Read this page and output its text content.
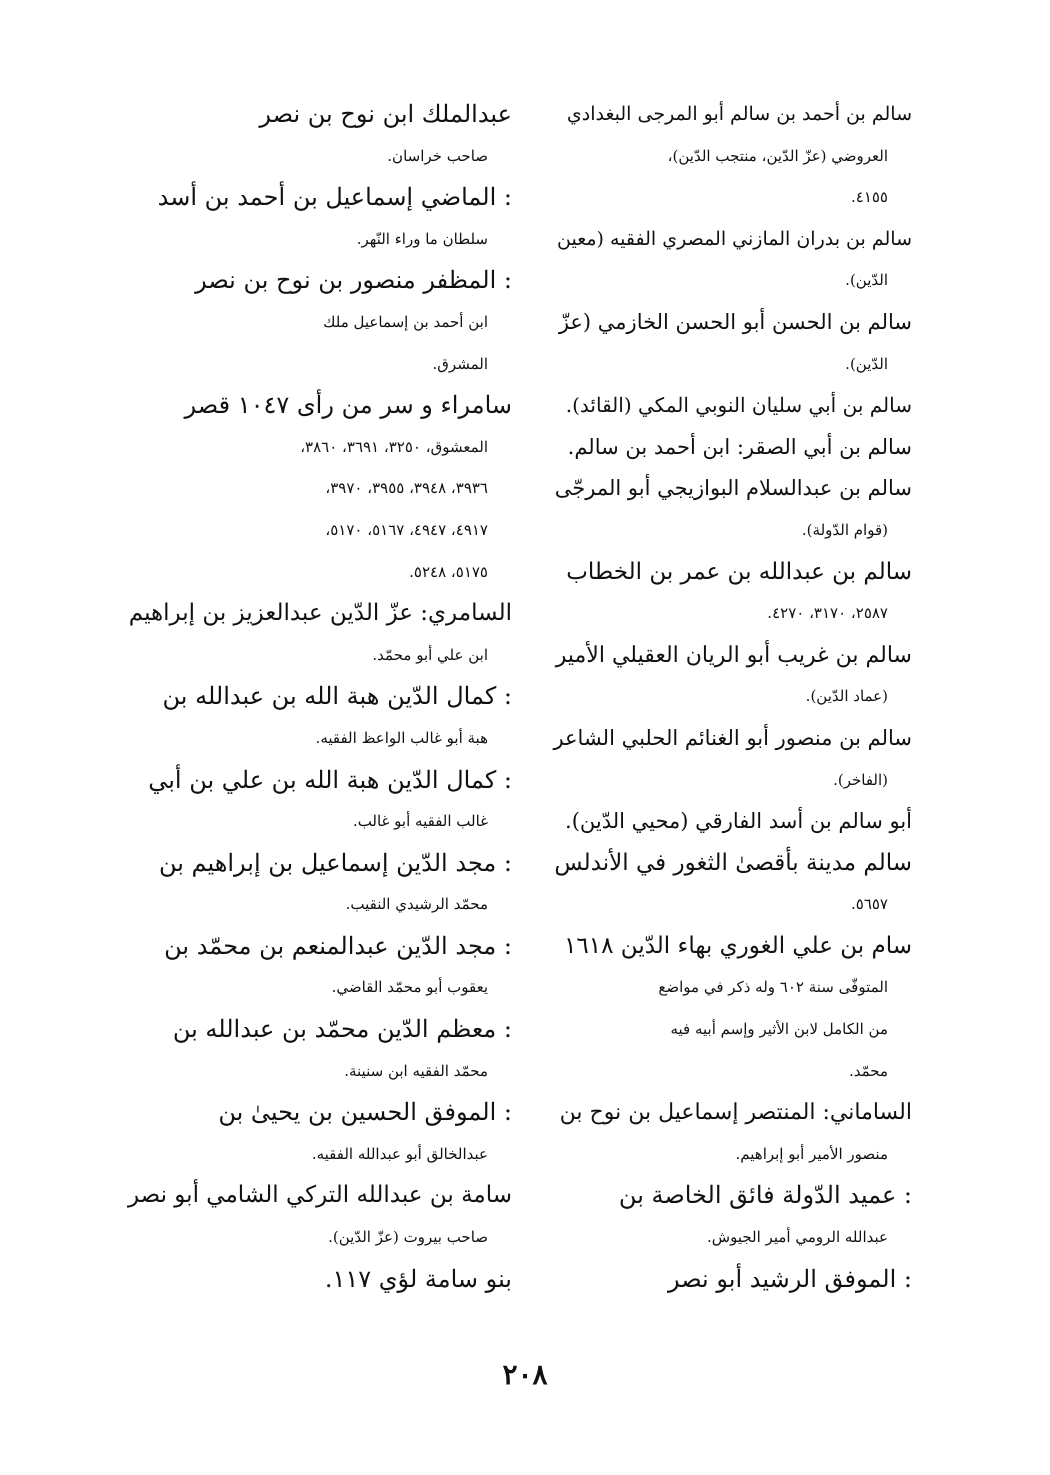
سالم بن أحمد بن سالم أبو المرجى البغدادي
العروضي (عزّ الدّين، منتجب الدّين)،
٤١٥٥.
سالم بن بدران المازني المصري الفقيه (معين
الدّين).
سالم بن الحسن أبو الحسن الخازمي (عزّ
الدّين).
سالم بن أبي سليان النوبي المكي (القائد).
سالم بن أبي الصقر: ابن أحمد بن سالم.
سالم بن عبدالسلام البوازيجي أبو المرجّى
(قوام الدّولة).
سالم بن عبدالله بن عمر بن الخطاب
٢٥٨٧، ٣١٧٠، ٤٢٧٠.
سالم بن غريب أبو الريان العقيلي الأمير
(عماد الدّين).
سالم بن منصور أبو الغنائم الحلبي الشاعر
(الفاخر).
أبو سالم بن أسد الفارقي (محيي الدّين).
سالم مدينة بأقصىٰ الثغور في الأندلس
٥٦٥٧.
سام بن علي الغوري بهاء الدّين ١٦١٨
المتوفّى سنة ٦٠٢ وله ذكر في مواضع
من الكامل لابن الأثير وإسم أبيه فيه
محمّد.
الساماني: المنتصر إسماعيل بن نوح بن
منصور الأمير أبو إبراهيم.
: عميد الدّولة فائق الخاصة بن
عبدالله الرومي أمير الجيوش.
: الموفق الرشيد أبو نصر
عبدالملك ابن نوح بن نصر
صاحب خراسان.
: الماضي إسماعيل بن أحمد بن أسد
سلطان ما وراء النّهر.
: المظفر منصور بن نوح بن نصر
ابن أحمد بن إسماعيل ملك
المشرق.
سامراء و سر من رأى ١٠٤٧ قصر
المعشوق، ٣٢٥٠، ٣٦٩١، ٣٨٦٠،
٣٩٣٦، ٣٩٤٨، ٣٩٥٥، ٣٩٧٠،
٤٩١٧، ٤٩٤٧، ٥١٦٧، ٥١٧٠،
٥١٧٥، ٥٢٤٨.
السامري: عزّ الدّين عبدالعزيز بن إبراهيم
ابن علي أبو محمّد.
: كمال الدّين هبة الله بن عبدالله بن
هبة أبو غالب الواعظ الفقيه.
: كمال الدّين هبة الله بن علي بن أبي
غالب الفقيه أبو غالب.
: مجد الدّين إسماعيل بن إبراهيم بن
محمّد الرشيدي النقيب.
: مجد الدّين عبدالمنعم بن محمّد بن
يعقوب أبو محمّد القاضي.
: معظم الدّين محمّد بن عبدالله بن
محمّد الفقيه ابن سنينة.
: الموفق الحسين بن يحيىٰ بن
عبدالخالق أبو عبدالله الفقيه.
سامة بن عبدالله التركي الشامي أبو نصر
صاحب بيروت (عزّ الدّين).
بنو سامة لؤي ١١٧.
٢٠٨
